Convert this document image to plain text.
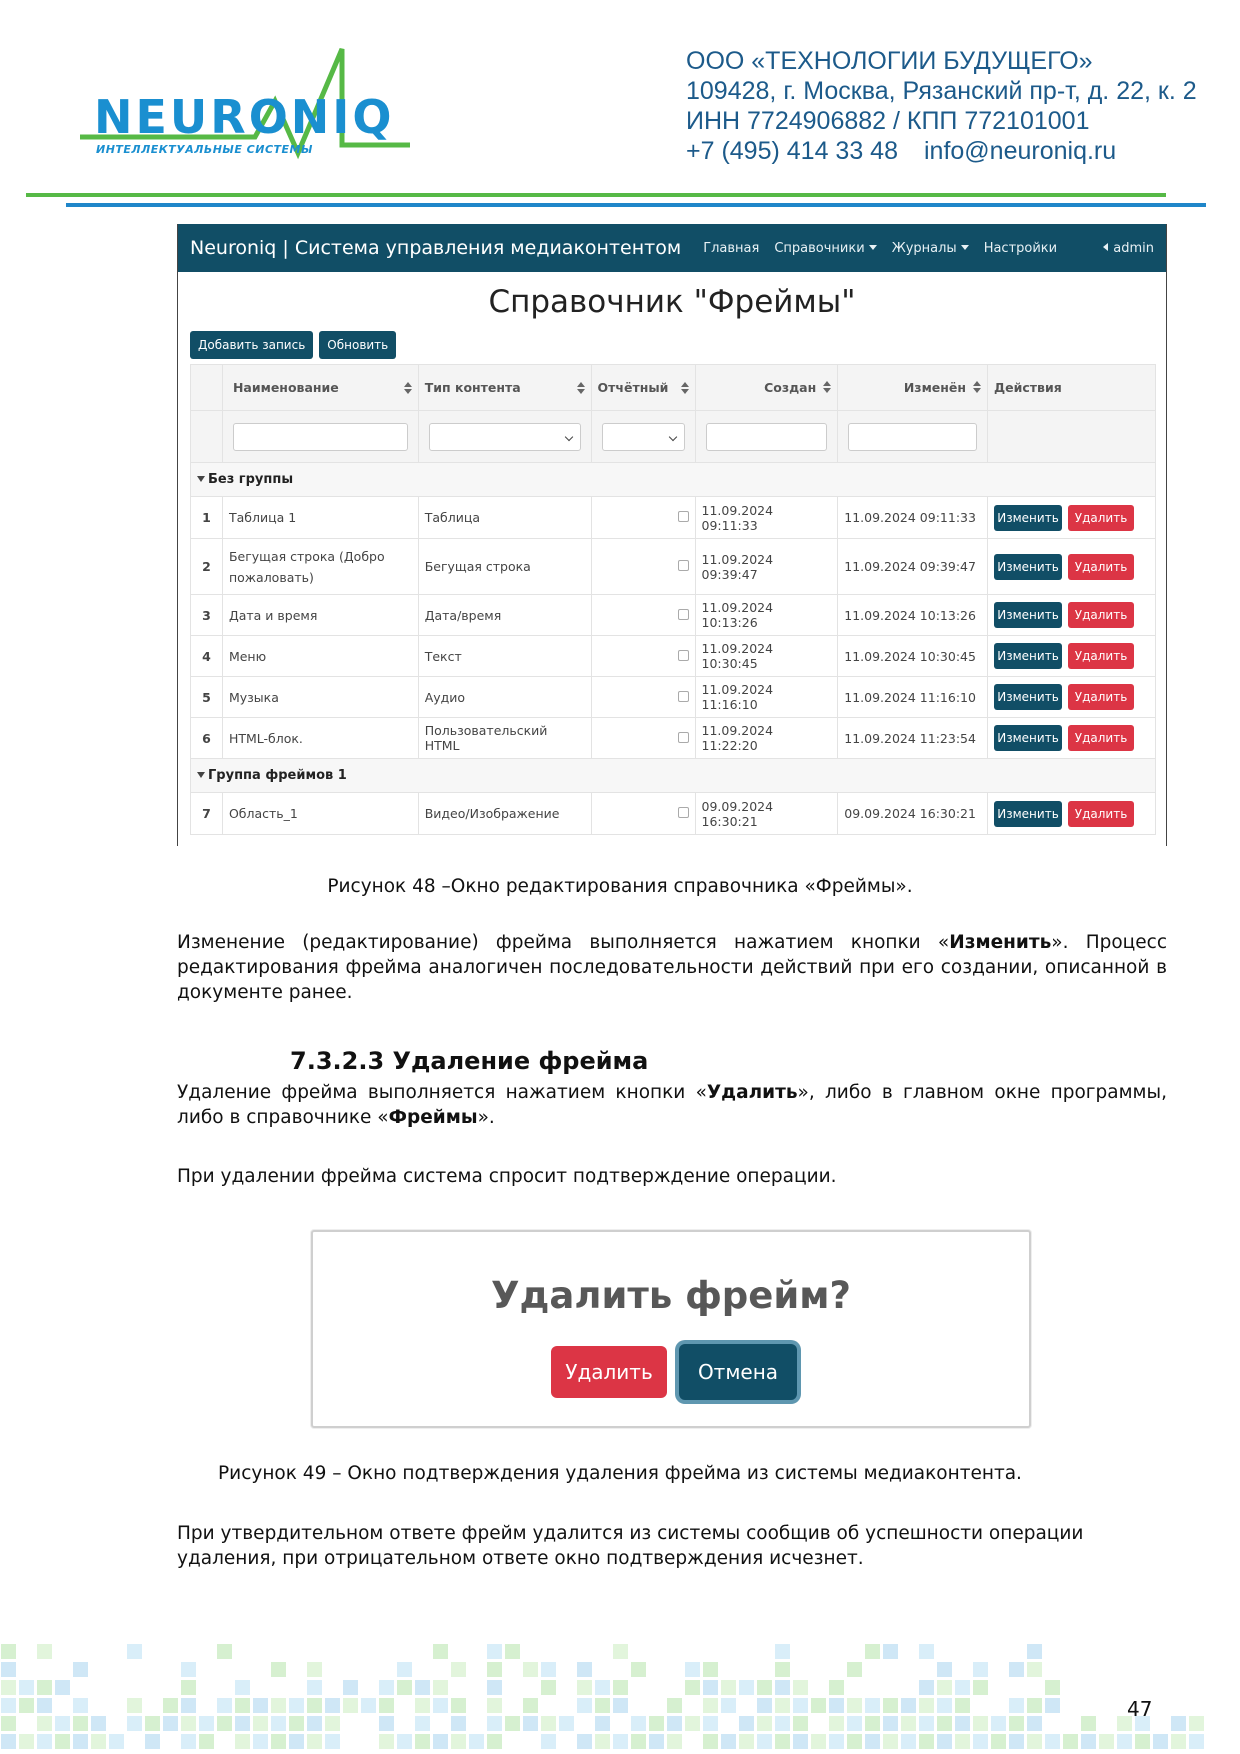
NEURONIQ
ИНТЕЛЛЕКТУАЛЬНЫЕ СИСТЕМЫ
ООО «ТЕХНОЛОГИИ БУДУЩЕГО»
109428, г. Москва, Рязанский пр-т, д. 22, к. 2
ИНН 7724906882 / КПП 772101001
+7 (495) 414 33 48 info@neuroniq.ru
Neuroniq | Система управления медиаконтентом Главная Справочники	Журналы	Настройки	admin
Справочник "Фреймы"
Добавить запись	Обновить

	Наименование	Тип контента	Отчётный	Создан	Изменён	Действия

Без группы						
1	Таблица 1	Таблица		11.09.2024 09:11:33	11.09.2024 09:11:33	Изменить Удалить
2	Бегущая строка (Добро пожаловать)	Бегущая строка		11.09.2024 09:39:47	11.09.2024 09:39:47	Изменить Удалить
3	Дата и время	Дата/время		11.09.2024 10:13:26	11.09.2024 10:13:26	Изменить Удалить
4	Меню	Текст		11.09.2024 10:30:45	11.09.2024 10:30:45	Изменить Удалить
5	Музыка	Аудио		11.09.2024 11:16:10	11.09.2024 11:16:10	Изменить Удалить
6	HTML-блок.	Пользовательский HTML		11.09.2024 11:22:20	11.09.2024 11:23:54	Изменить Удалить
Группа фреймов 1						
7	Область_1	Видео/Изображение		09.09.2024 16:30:21	09.09.2024 16:30:21	Изменить Удалить
Рисунок 48 –Окно редактирования справочника «Фреймы».
Изменение (редактирование) фрейма выполняется нажатием кнопки «Изменить». Процесс редактирования фрейма аналогичен последовательности действий при его создании, описанной в документе ранее.
7.3.2.3 Удаление фрейма
Удаление фрейма выполняется нажатием кнопки «Удалить», либо в главном окне программы, либо в справочнике «Фреймы».
При удалении фрейма система спросит подтверждение операции.
Удалить фрейм?
Удалить	Отмена
Рисунок 49 – Окно подтверждения удаления фрейма из системы медиаконтента.
При утвердительном ответе фрейм удалится из системы сообщив об успешности операции удаления, при отрицательном ответе окно подтверждения исчезнет.
47
